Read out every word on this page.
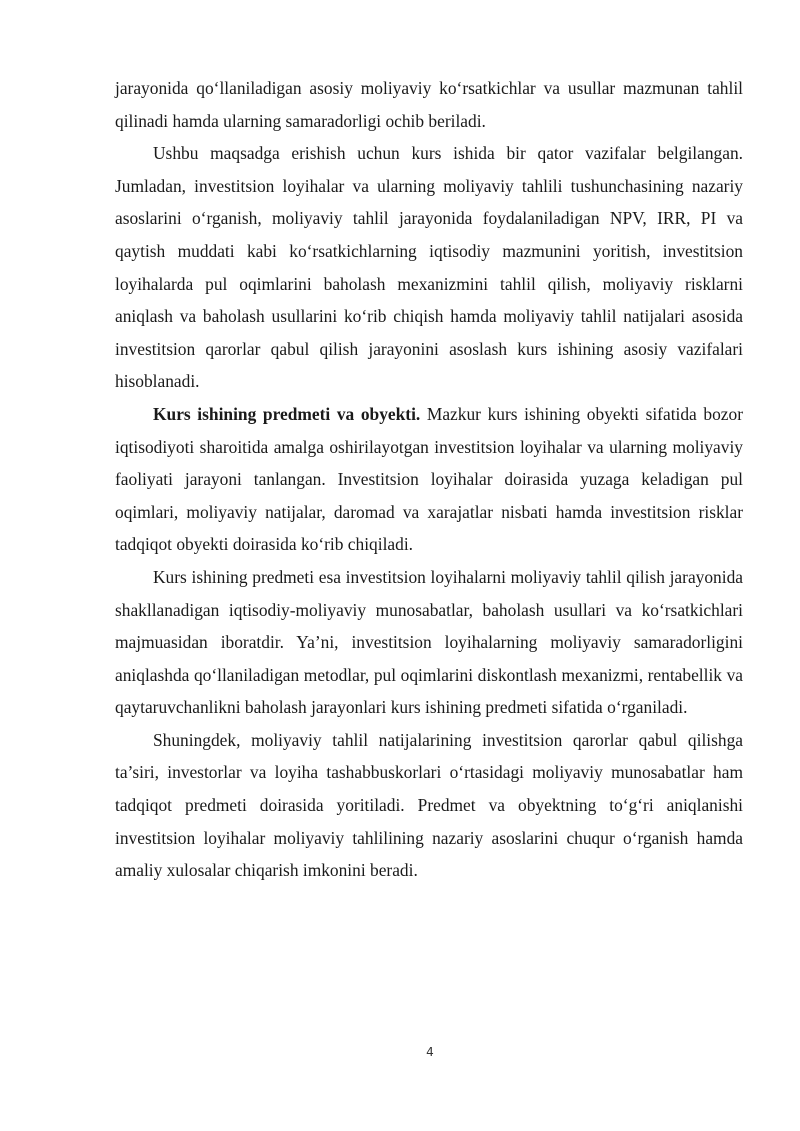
jarayonida qo‘llaniladigan asosiy moliyaviy ko‘rsatkichlar va usullar mazmunan tahlil qilinadi hamda ularning samaradorligi ochib beriladi.

Ushbu maqsadga erishish uchun kurs ishida bir qator vazifalar belgilangan. Jumladan, investitsion loyihalar va ularning moliyaviy tahlili tushunchasining nazariy asoslarini o‘rganish, moliyaviy tahlil jarayonida foydalaniladigan NPV, IRR, PI va qaytish muddati kabi ko‘rsatkichlarning iqtisodiy mazmunini yoritish, investitsion loyihalarda pul oqimlarini baholash mexanizmini tahlil qilish, moliyaviy risklarni aniqlash va baholash usullarini ko‘rib chiqish hamda moliyaviy tahlil natijalari asosida investitsion qarorlar qabul qilish jarayonini asoslash kurs ishining asosiy vazifalari hisoblanadi.

Kurs ishining predmeti va obyekti. Mazkur kurs ishining obyekti sifatida bozor iqtisodiyoti sharoitida amalga oshirilayotgan investitsion loyihalar va ularning moliyaviy faoliyati jarayoni tanlangan. Investitsion loyihalar doirasida yuzaga keladigan pul oqimlari, moliyaviy natijalar, daromad va xarajatlar nisbati hamda investitsion risklar tadqiqot obyekti doirasida ko‘rib chiqiladi.

Kurs ishining predmeti esa investitsion loyihalarni moliyaviy tahlil qilish jarayonida shakllanadigan iqtisodiy-moliyaviy munosabatlar, baholash usullari va ko‘rsatkichlari majmuasidan iboratdir. Ya’ni, investitsion loyihalarning moliyaviy samaradorligini aniqlashda qo‘llaniladigan metodlar, pul oqimlarini diskontlash mexanizmi, rentabellik va qaytaruvchanlikni baholash jarayonlari kurs ishining predmeti sifatida o‘rganiladi.

Shuningdek, moliyaviy tahlil natijalarining investitsion qarorlar qabul qilishga ta’siri, investorlar va loyiha tashabbuskorlari o‘rtasidagi moliyaviy munosabatlar ham tadqiqot predmeti doirasida yoritiladi. Predmet va obyektning to‘g‘ri aniqlanishi investitsion loyihalar moliyaviy tahlilining nazariy asoslarini chuqur o‘rganish hamda amaliy xulosalar chiqarish imkonini beradi.

4
